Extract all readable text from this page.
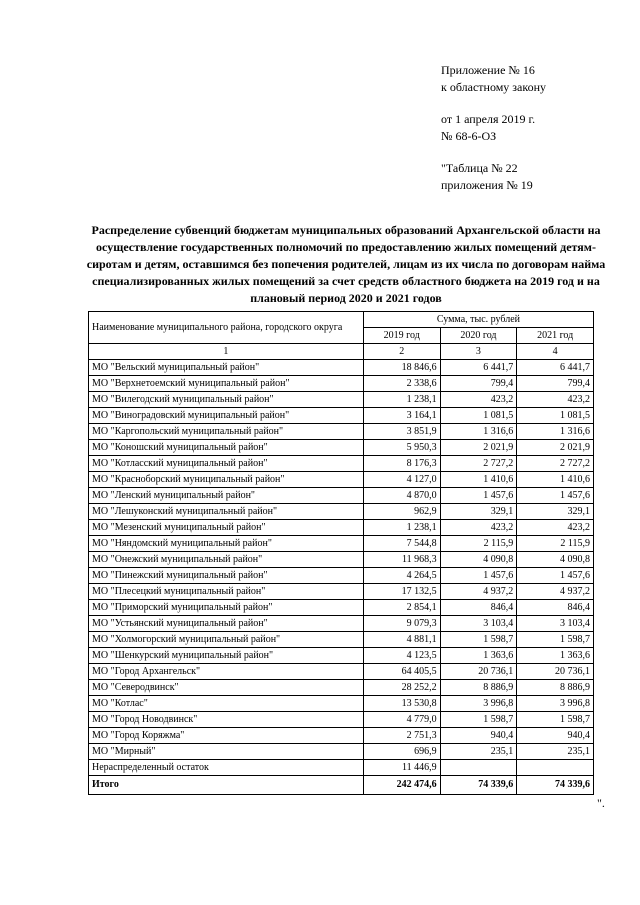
Приложение № 16
к областному закону
от 1 апреля 2019 г.
№ 68-6-ОЗ
"Таблица № 22
приложения № 19
Распределение субвенций бюджетам муниципальных образований Архангельской области на осуществление государственных полномочий по предоставлению жилых помещений детям-сиротам и детям, оставшимся без попечения родителей, лицам из их числа по договорам найма специализированных жилых помещений за счет средств областного бюджета на 2019 год и на плановый период 2020 и 2021 годов
Наименование муниципального района, городского округа	Сумма, тыс. рублей		
	2019 год	2020 год	2021 год
1	2	3	4
МО "Вельский муниципальный район"	18 846,6	6 441,7	6 441,7
МО "Верхнетоемский муниципальный район"	2 338,6	799,4	799,4
МО "Вилегодский муниципальный район"	1 238,1	423,2	423,2
МО "Виноградовский муниципальный район"	3 164,1	1 081,5	1 081,5
МО "Каргопольский муниципальный район"	3 851,9	1 316,6	1 316,6
МО "Коношский муниципальный район"	5 950,3	2 021,9	2 021,9
МО "Котласский муниципальный район"	8 176,3	2 727,2	2 727,2
МО "Красноборский муниципальный район"	4 127,0	1 410,6	1 410,6
МО "Ленский муниципальный район"	4 870,0	1 457,6	1 457,6
МО "Лешуконский муниципальный район"	962,9	329,1	329,1
МО "Мезенский муниципальный район"	1 238,1	423,2	423,2
МО "Няндомский муниципальный район"	7 544,8	2 115,9	2 115,9
МО "Онежский муниципальный район"	11 968,3	4 090,8	4 090,8
МО "Пинежский муниципальный район"	4 264,5	1 457,6	1 457,6
МО "Плесецкий муниципальный район"	17 132,5	4 937,2	4 937,2
МО "Приморский муниципальный район"	2 854,1	846,4	846,4
МО "Устьянский муниципальный район"	9 079,3	3 103,4	3 103,4
МО "Холмогорский муниципальный район"	4 881,1	1 598,7	1 598,7
МО "Шенкурский муниципальный район"	4 123,5	1 363,6	1 363,6
МО "Город Архангельск"	64 405,5	20 736,1	20 736,1
МО "Северодвинск"	28 252,2	8 886,9	8 886,9
МО "Котлас"	13 530,8	3 996,8	3 996,8
МО "Город Новодвинск"	4 779,0	1 598,7	1 598,7
МО "Город Коряжма"	2 751,3	940,4	940,4
МО "Мирный"	696,9	235,1	235,1
Нераспределенный остаток	11 446,9		
Итого	242 474,6	74 339,6	74 339,6
".
